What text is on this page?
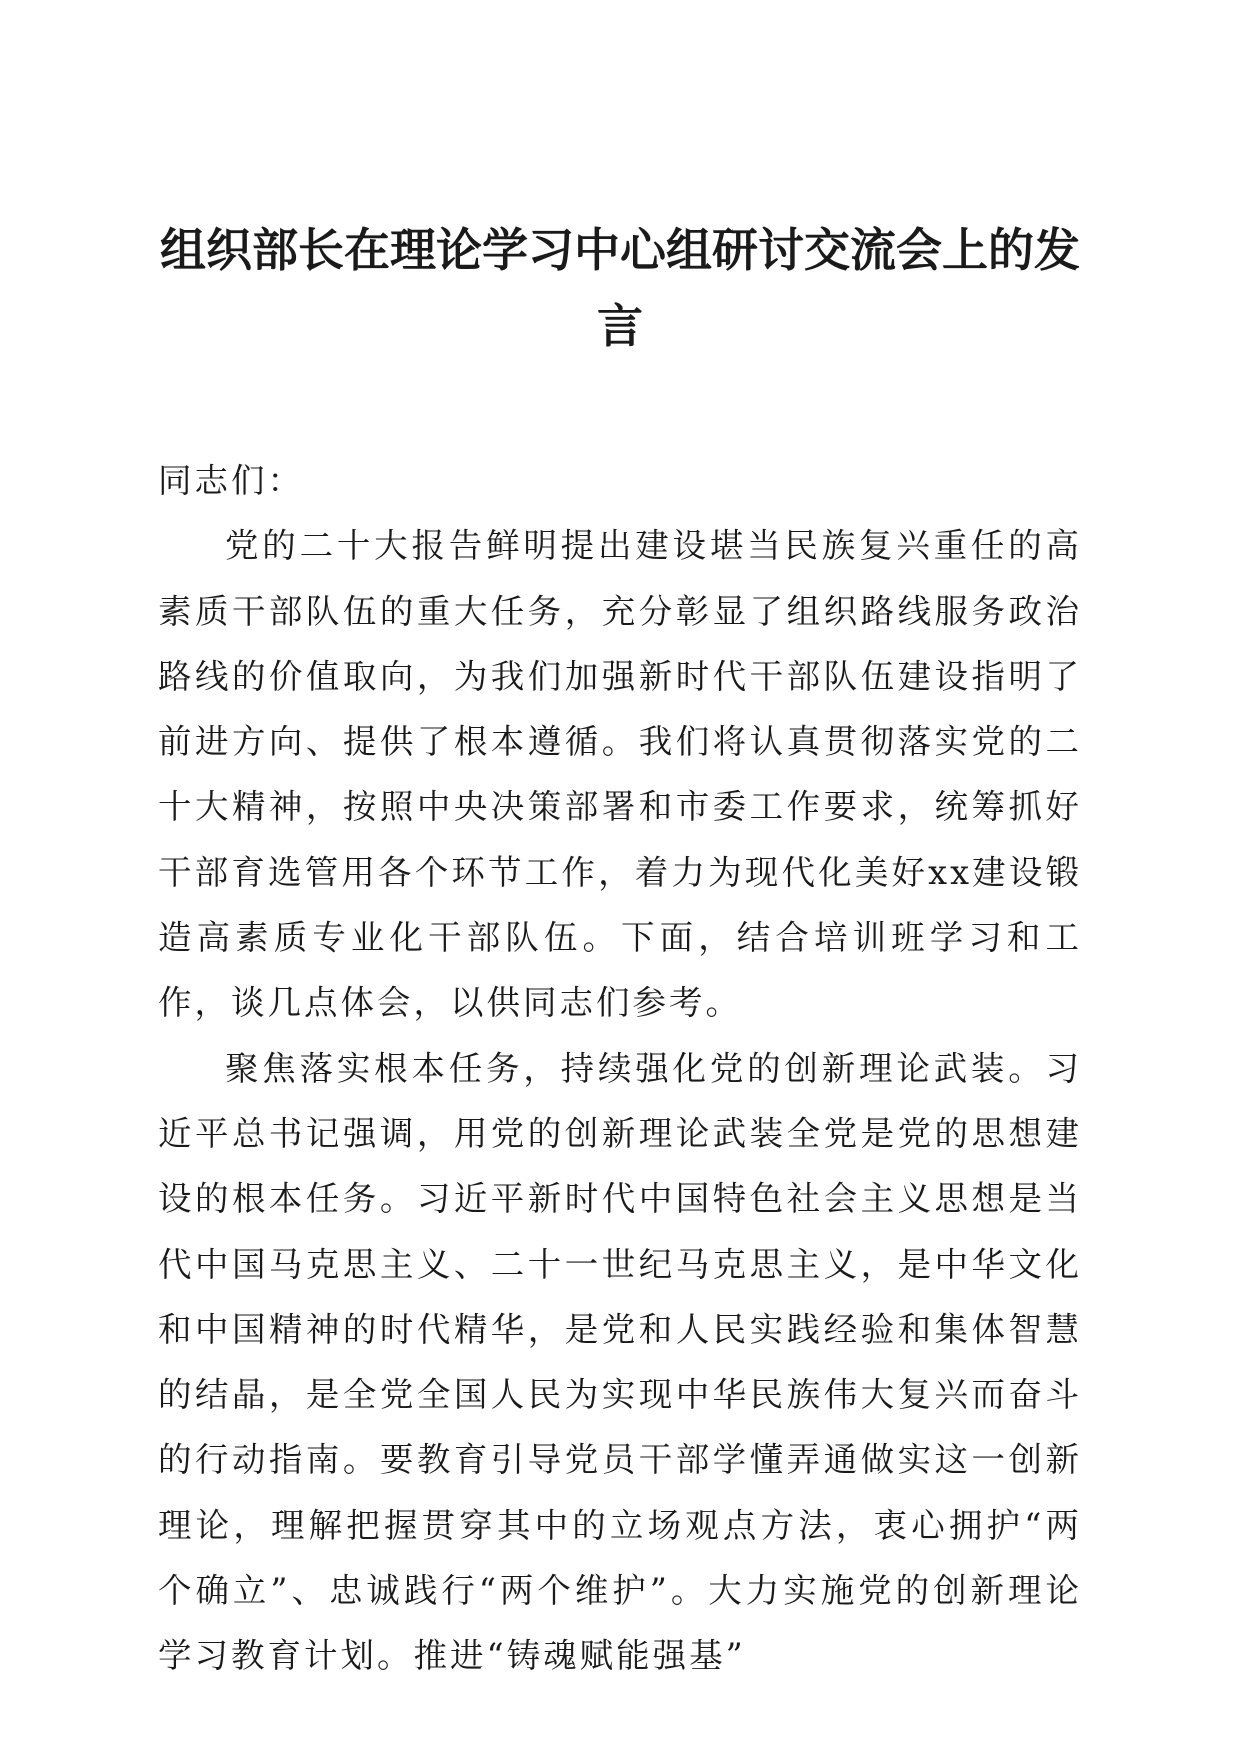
组织部长在理论学习中心组研讨交流会上的发言

同志们：

党的二十大报告鲜明提出建设堪当民族复兴重任的高素质干部队伍的重大任务，充分彰显了组织路线服务政治路线的价值取向，为我们加强新时代干部队伍建设指明了前进方向、提供了根本遵循。我们将认真贯彻落实党的二十大精神，按照中央决策部署和市委工作要求，统筹抓好干部育选管用各个环节工作，着力为现代化美好xx建设锻造高素质专业化干部队伍。下面，结合培训班学习和工作，谈几点体会，以供同志们参考。

聚焦落实根本任务，持续强化党的创新理论武装。习近平总书记强调，用党的创新理论武装全党是党的思想建设的根本任务。习近平新时代中国特色社会主义思想是当代中国马克思主义、二十一世纪马克思主义，是中华文化和中国精神的时代精华，是党和人民实践经验和集体智慧的结晶，是全党全国人民为实现中华民族伟大复兴而奋斗的行动指南。要教育引导党员干部学懂弄通做实这一创新理论，理解把握贯穿其中的立场观点方法，衷心拥护“两个确立”、忠诚践行“两个维护”。大力实施党的创新理论学习教育计划。推进“铸魂赋能强基”
